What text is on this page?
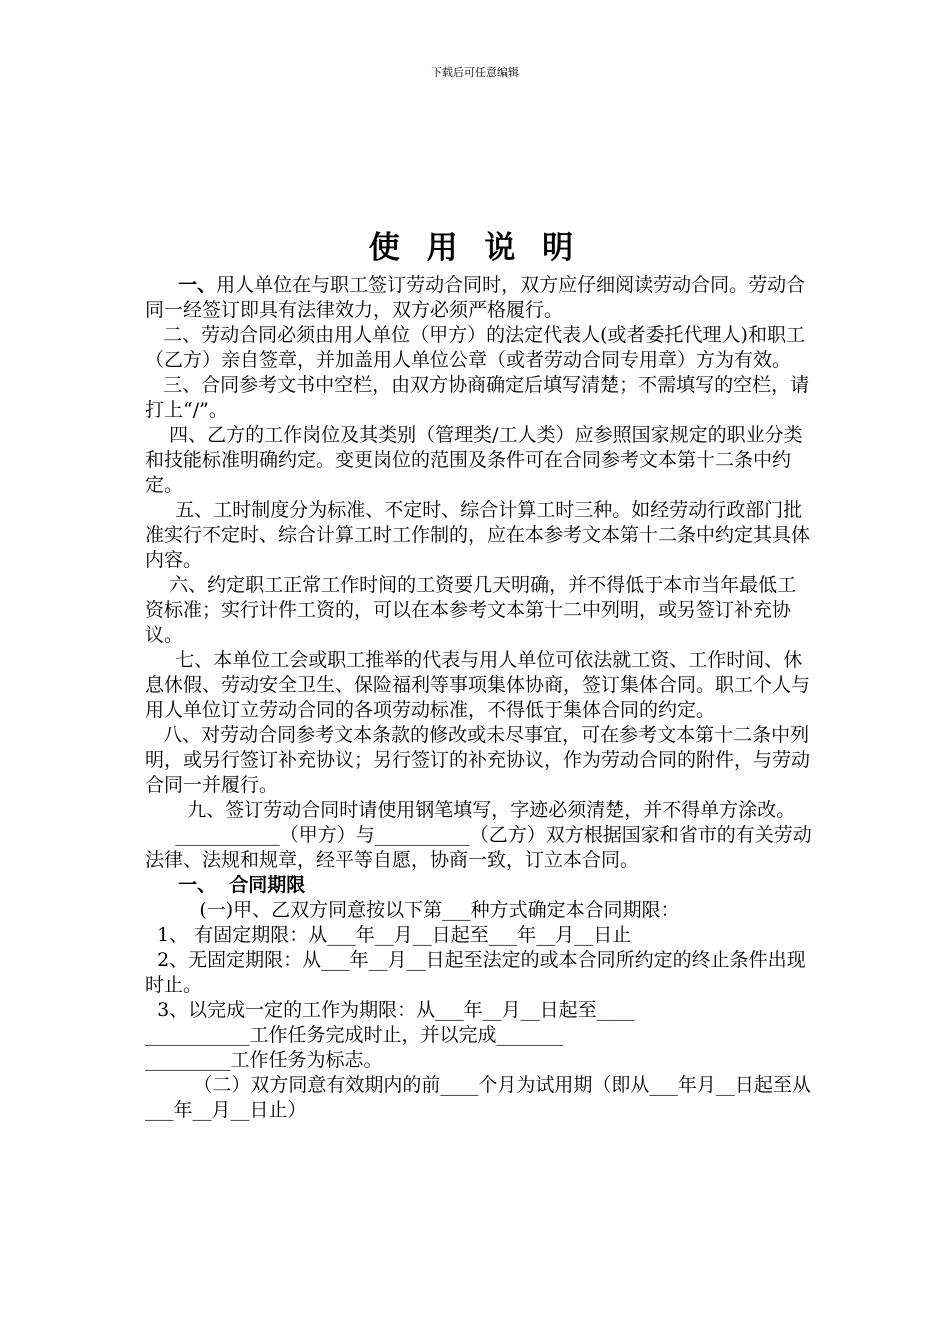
下载后可任意编辑
使 用 说 明

一、用人单位在与职工签订劳动合同时，双方应仔细阅读劳动合同。劳动合同一经签订即具有法律效力，双方必须严格履行。

二、劳动合同必须由用人单位（甲方）的法定代表人(或者委托代理人)和职工（乙方）亲自签章，并加盖用人单位公章（或者劳动合同专用章）方为有效。

三、合同参考文书中空栏，由双方协商确定后填写清楚；不需填写的空栏，请打上“/”。

四、乙方的工作岗位及其类别（管理类/工人类）应参照国家规定的职业分类和技能标准明确约定。变更岗位的范围及条件可在合同参考文本第十二条中约定。

五、工时制度分为标准、不定时、综合计算工时三种。如经劳动行政部门批准实行不定时、综合计算工时工作制的，应在本参考文本第十二条中约定其具体内容。

六、约定职工正常工作时间的工资要几天明确，并不得低于本市当年最低工资标准；实行计件工资的，可以在本参考文本第十二中列明，或另签订补充协议。

七、本单位工会或职工推举的代表与用人单位可依法就工资、工作时间、休息休假、劳动安全卫生、保险福利等事项集体协商，签订集体合同。职工个人与用人单位订立劳动合同的各项劳动标准，不得低于集体合同的约定。

八、对劳动合同参考文本条款的修改或未尽事宜，可在参考文本第十二条中列明，或另行签订补充协议；另行签订的补充协议，作为劳动合同的附件，与劳动合同一并履行。

九、签订劳动合同时请使用钢笔填写，字迹必须清楚，并不得单方涂改。

___________（甲方）与__________（乙方）双方根据国家和省市的有关劳动法律、法规和规章，经平等自愿，协商一致，订立本合同。

一、  合同期限

(一)甲、乙双方同意按以下第___种方式确定本合同期限：

1、 有固定期限：从___年__月__日起至___年__月__日止

2、无固定期限：从___年__月__日起至法定的或本合同所约定的终止条件出现时止。

3、以完成一定的工作为期限：从___年__月__日起至____

___________工作任务完成时止，并以完成_______

_________工作任务为标志。

（二）双方同意有效期内的前____个月为试用期（即从___年月__日起至从___年__月__日止）
